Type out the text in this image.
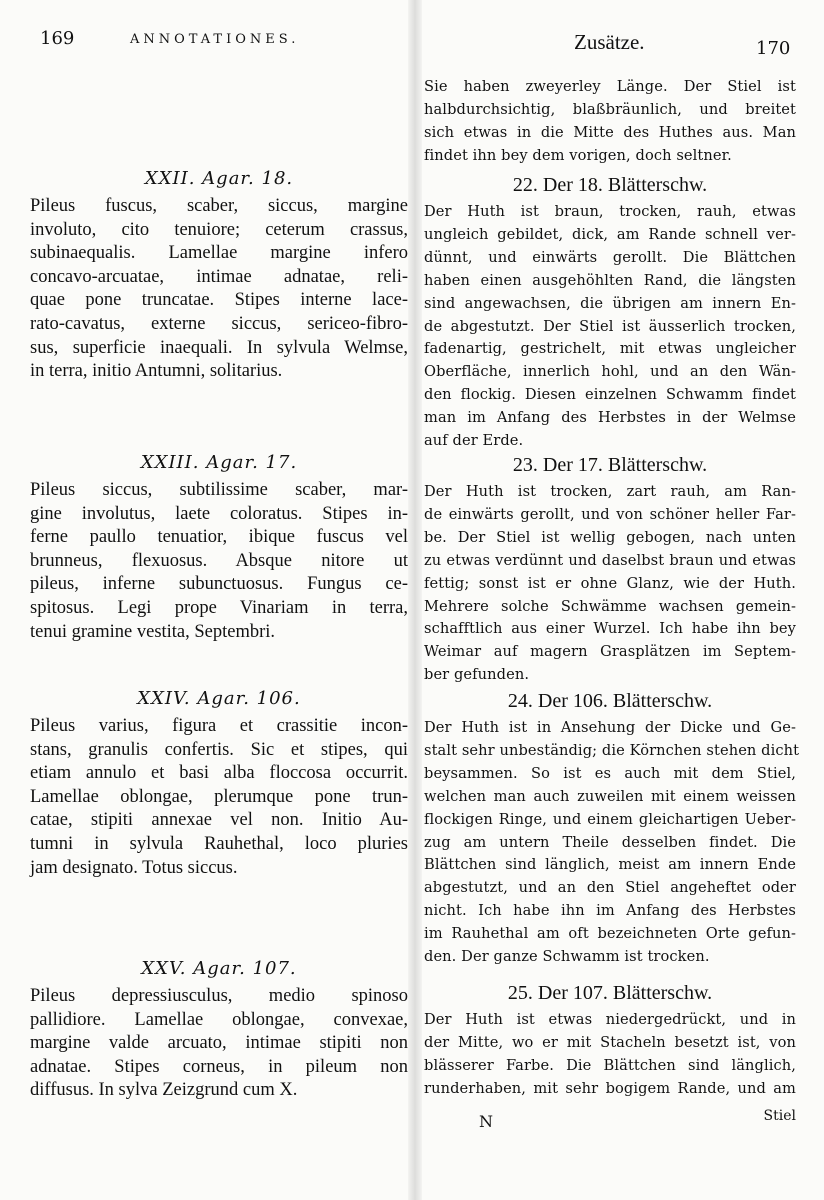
169	ANNOTATIONES.
XXII. Agar. 18.
Pileus fuscus, scaber, siccus, margine
involuto, cito tenuiore; ceterum crassus,
subinaequalis. Lamellae margine infero
concavo-arcuatae, intimae adnatae, reli-
quae pone truncatae. Stipes interne lace-
rato-cavatus, externe siccus, sericeo-fibro-
sus, superficie inaequali. In sylvula Welmse,
in terra, initio Antumni, solitarius.
XXIII. Agar. 17.
Pileus siccus, subtilissime scaber, mar-
gine involutus, laete coloratus. Stipes in-
ferne paullo tenuatior, ibique fuscus vel
brunneus, flexuosus. Absque nitore ut
pileus, inferne subunctuosus. Fungus ce-
spitosus. Legi prope Vinariam in terra,
tenui gramine vestita, Septembri.
XXIV. Agar. 106.
Pileus varius, figura et crassitie incon-
stans, granulis confertis. Sic et stipes, qui
etiam annulo et basi alba floccosa occurrit.
Lamellae oblongae, plerumque pone trun-
catae, stipiti annexae vel non. Initio Au-
tumni in sylvula Rauhethal, loco pluries
jam designato. Totus siccus.
XXV. Agar. 107.
Pileus depressiusculus, medio spinoso
pallidiore. Lamellae oblongae, convexae,
margine valde arcuato, intimae stipiti non
adnatae. Stipes corneus, in pileum non
diffusus. In sylva Zeizgrund cum X.
Zusätze.	170
Sie haben zweyerley Länge. Der Stiel ist
halbdurchsichtig, blaßbräunlich, und breitet
sich etwas in die Mitte des Huthes aus. Man
findet ihn bey dem vorigen, doch seltner.
22. Der 18. Blätterschw.
Der Huth ist braun, trocken, rauh, etwas
ungleich gebildet, dick, am Rande schnell ver-
dünnt, und einwärts gerollt. Die Blättchen
haben einen ausgehöhlten Rand, die längsten
sind angewachsen, die übrigen am innern En-
de abgestutzt. Der Stiel ist äusserlich trocken,
fadenartig, gestrichelt, mit etwas ungleicher
Oberfläche, innerlich hohl, und an den Wän-
den flockig. Diesen einzelnen Schwamm findet
man im Anfang des Herbstes in der Welmse
auf der Erde.
23. Der 17. Blätterschw.
Der Huth ist trocken, zart rauh, am Ran-
de einwärts gerollt, und von schöner heller Far-
be. Der Stiel ist wellig gebogen, nach unten
zu etwas verdünnt und daselbst braun und etwas
fettig; sonst ist er ohne Glanz, wie der Huth.
Mehrere solche Schwämme wachsen gemein-
schafftlich aus einer Wurzel. Ich habe ihn bey
Weimar auf magern Grasplätzen im Septem-
ber gefunden.
24. Der 106. Blätterschw.
Der Huth ist in Ansehung der Dicke und Ge-
stalt sehr unbeständig; die Körnchen stehen dicht
beysammen. So ist es auch mit dem Stiel,
welchen man auch zuweilen mit einem weissen
flockigen Ringe, und einem gleichartigen Ueber-
zug am untern Theile desselben findet. Die
Blättchen sind länglich, meist am innern Ende
abgestutzt, und an den Stiel angeheftet oder
nicht. Ich habe ihn im Anfang des Herbstes
im Rauhethal am oft bezeichneten Orte gefun-
den. Der ganze Schwamm ist trocken.
25. Der 107. Blätterschw.
Der Huth ist etwas niedergedrückt, und in
der Mitte, wo er mit Stacheln besetzt ist, von
blässerer Farbe. Die Blättchen sind länglich,
runderhaben, mit sehr bogigem Rande, und am
N	Stiel
